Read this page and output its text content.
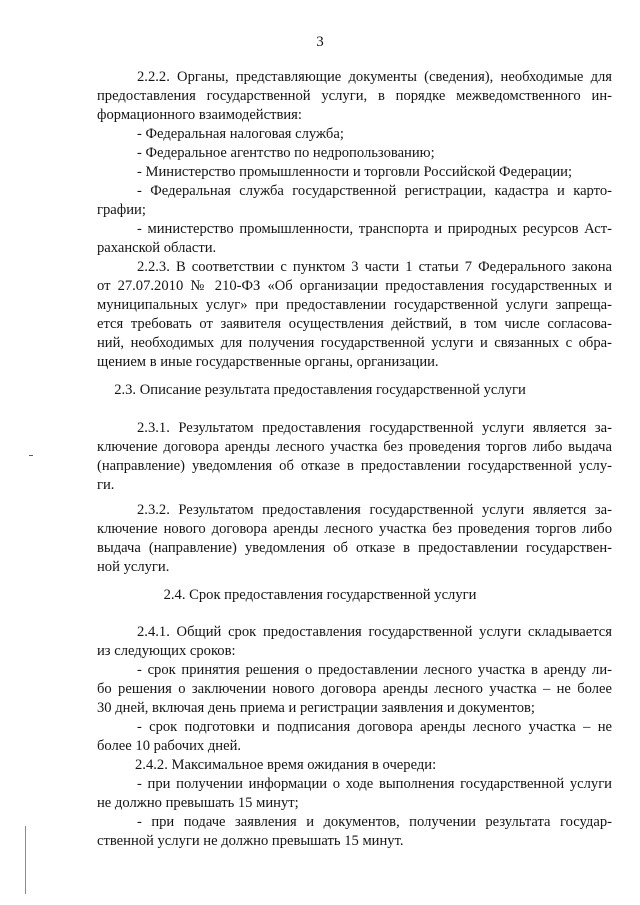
3
2.2.2. Органы, представляющие документы (сведения), необходимые для
предоставления государственной услуги, в порядке межведомственного ин-
формационного взаимодействия:
- Федеральная налоговая служба;
- Федеральное агентство по недропользованию;
- Министерство промышленности и торговли Российской Федерации;
- Федеральная служба государственной регистрации, кадастра и карто-
графии;
- министерство промышленности, транспорта и природных ресурсов Аст-
раханской области.
2.2.3. В соответствии с пунктом 3 части 1 статьи 7 Федерального закона
от 27.07.2010 № 210-ФЗ «Об организации предоставления государственных и
муниципальных услуг» при предоставлении государственной услуги запреща-
ется требовать от заявителя осуществления действий, в том числе согласова-
ний, необходимых для получения государственной услуги и связанных с обра-
щением в иные государственные органы, организации.
2.3. Описание результата предоставления государственной услуги
2.3.1. Результатом предоставления государственной услуги является за-
ключение договора аренды лесного участка без проведения торгов либо выдача
(направление) уведомления об отказе в предоставлении государственной услу-
ги.
2.3.2. Результатом предоставления государственной услуги является за-
ключение нового договора аренды лесного участка без проведения торгов либо
выдача (направление) уведомления об отказе в предоставлении государствен-
ной услуги.
2.4. Срок предоставления государственной услуги
2.4.1. Общий срок предоставления государственной услуги складывается
из следующих сроков:
- срок принятия решения о предоставлении лесного участка в аренду ли-
бо решения о заключении нового договора аренды лесного участка – не более
30 дней, включая день приема и регистрации заявления и документов;
- срок подготовки и подписания договора аренды лесного участка – не
более 10 рабочих дней.
2.4.2. Максимальное время ожидания в очереди:
- при получении информации о ходе выполнения государственной услуги
не должно превышать 15 минут;
- при подаче заявления и документов, получении результата государ-
ственной услуги не должно превышать 15 минут.
